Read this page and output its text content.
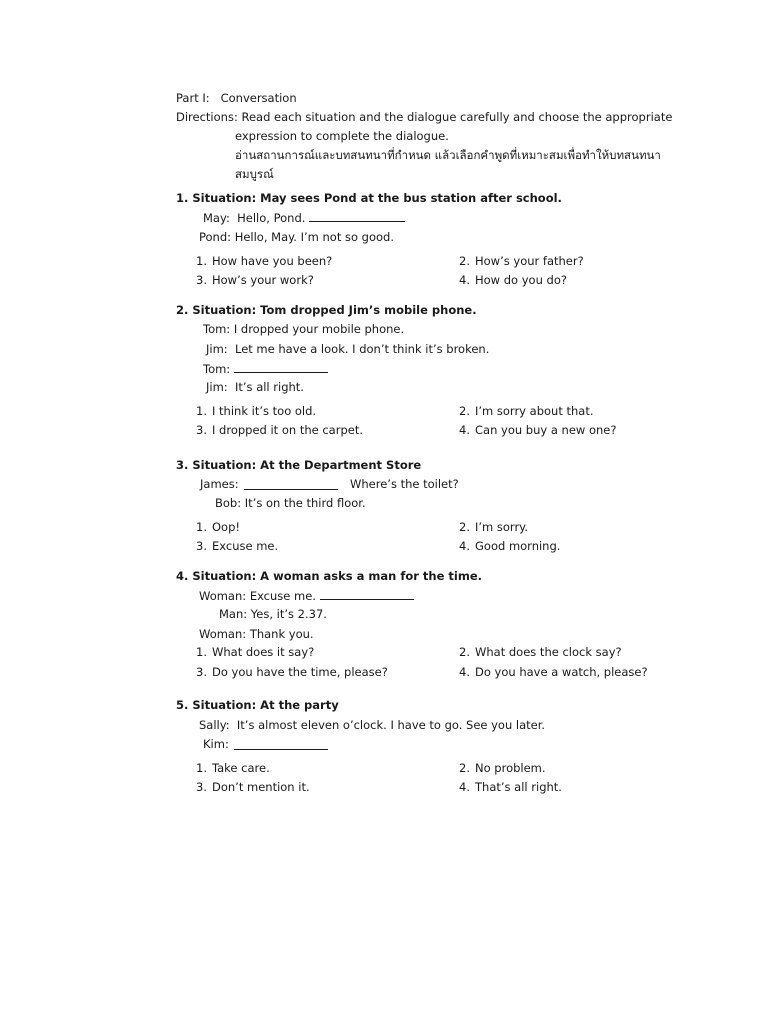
Part I: Conversation
Directions: Read each situation and the dialogue carefully and choose the appropriate
expression to complete the dialogue.
อ่านสถานการณ์และบทสนทนาที่กำหนด แล้วเลือกคำพูดที่เหมาะสมเพื่อทำให้บทสนทนา
สมบูรณ์
1. Situation: May sees Pond at the bus station after school.
May: Hello, Pond.
Pond: Hello, May. I’m not so good.
1. How have you been?	2. How’s your father?
3. How’s your work?	4. How do you do?
2. Situation: Tom dropped Jim’s mobile phone.
Tom: I dropped your mobile phone.
Jim: Let me have a look. I don’t think it’s broken.
Tom:
Jim: It’s all right.
1. I think it’s too old.	2. I’m sorry about that.
3. I dropped it on the carpet.	4. Can you buy a new one?
3. Situation: At the Department Store
James:	Where’s the toilet?
Bob: It’s on the third floor.
1. Oop!	2. I’m sorry.
3. Excuse me.	4. Good morning.
4. Situation: A woman asks a man for the time.
Woman: Excuse me.
Man: Yes, it’s 2.37.
Woman: Thank you.
1. What does it say?	2. What does the clock say?
3. Do you have the time, please?	4. Do you have a watch, please?
5. Situation: At the party
Sally: It’s almost eleven o’clock. I have to go. See you later.
Kim:
1. Take care.	2. No problem.
3. Don’t mention it.	4. That’s all right.
